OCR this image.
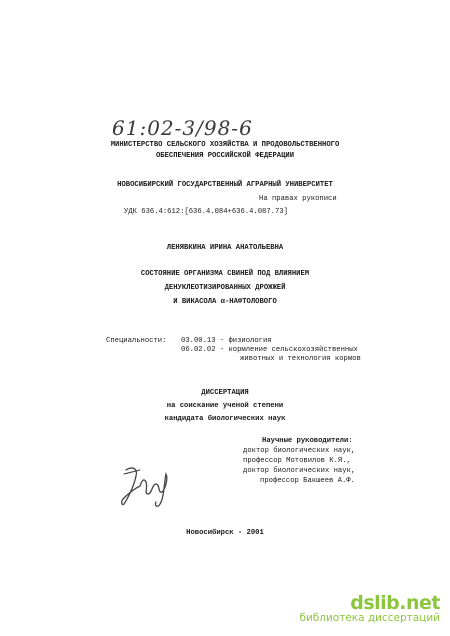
61:02-3/98-6
МИНИСТЕРСТВО СЕЛЬСКОГО ХОЗЯЙСТВА И ПРОДОВОЛЬСТВЕННОГО
ОБЕСПЕЧЕНИЯ РОССИЙСКОЙ ФЕДЕРАЦИИ
НОВОСИБИРСКИЙ ГОСУДАРСТВЕННЫЙ АГРАРНЫЙ УНИВЕРСИТЕТ
На правах рукописи
УДК 636.4:612:[636.4.084+636.4.087.73]
ЛЕНЯВКИНА ИРИНА АНАТОЛЬЕВНА
СОСТОЯНИЕ ОРГАНИЗМА СВИНЕЙ ПОД ВЛИЯНИЕМ
ДЕНУКЛЕОТИЗИРОВАННЫХ ДРОЖЖЕЙ
И ВИКАСОЛА α-НАФТОЛОВОГО
Специальности: 03.00.13 - физиология
06.02.02 - кормление сельскохозяйственных
животных и технология кормов
ДИССЕРТАЦИЯ
на соискание ученой степени
кандидата биологических наук
Научные руководители:
доктор биологических наук,
профессор Мотовилов К.Я.,
доктор биологических наук,
профессор Бакшеев А.Ф.
Новосибирск - 2001
dslib.net
библиотека диссертаций
